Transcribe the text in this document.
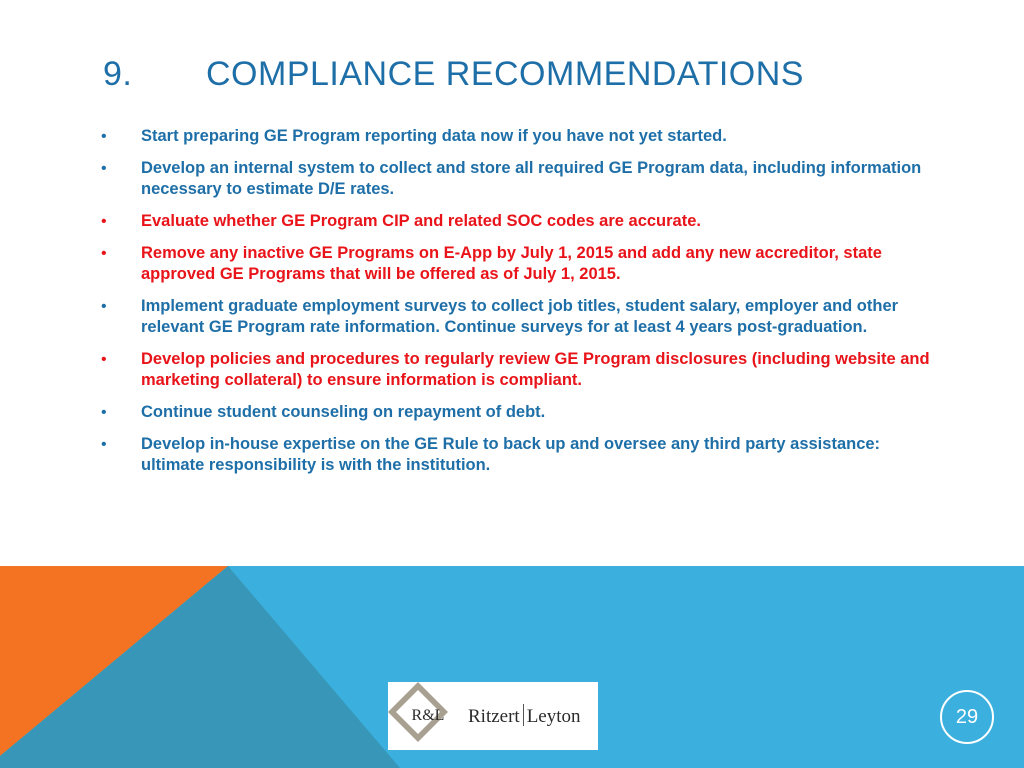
9. COMPLIANCE RECOMMENDATIONS
•	Start preparing GE Program reporting data now if you have not yet started.
•	Develop an internal system to collect and store all required GE Program data, including information necessary to estimate D/E rates.
•	Evaluate whether GE Program CIP and related SOC codes are accurate.
•	Remove any inactive GE Programs on E-App by July 1, 2015 and add any new accreditor, state approved GE Programs that will be offered as of July 1, 2015.
•	Implement graduate employment surveys to collect job titles, student salary, employer and other relevant GE Program rate information. Continue surveys for at least 4 years post-graduation.
•	Develop policies and procedures to regularly review GE Program disclosures (including website and marketing collateral) to ensure information is compliant.
•	Continue student counseling on repayment of debt.
•	Develop in-house expertise on the GE Rule to back up and oversee any third party assistance: ultimate responsibility is with the institution.
R&L	Ritzert Leyton	29
